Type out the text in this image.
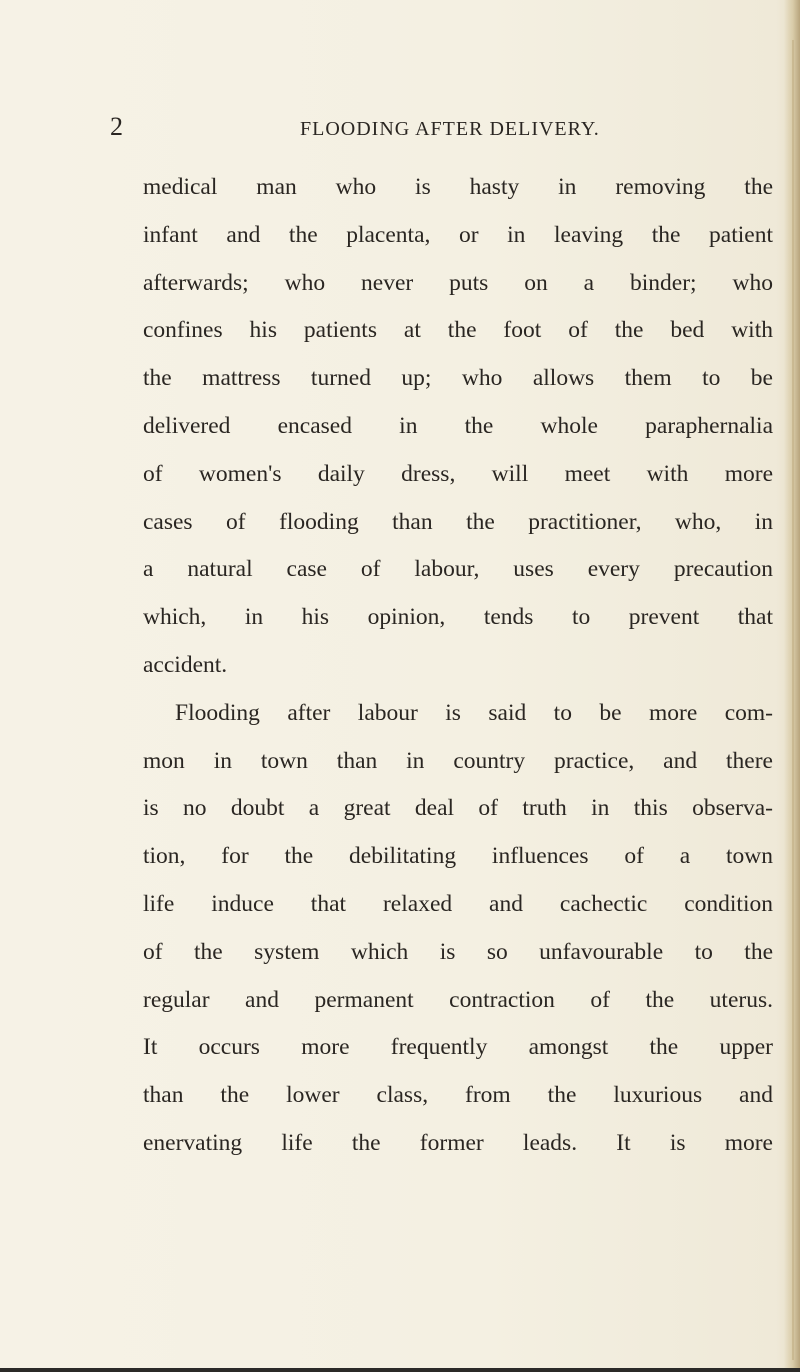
2	FLOODING AFTER DELIVERY.
medical man who is hasty in removing the
infant and the placenta, or in leaving the patient
afterwards; who never puts on a binder; who
confines his patients at the foot of the bed with
the mattress turned up; who allows them to be
delivered encased in the whole paraphernalia
of women's daily dress, will meet with more
cases of flooding than the practitioner, who, in
a natural case of labour, uses every precaution
which, in his opinion, tends to prevent that
accident.
Flooding after labour is said to be more com-
mon in town than in country practice, and there
is no doubt a great deal of truth in this observa-
tion, for the debilitating influences of a town
life induce that relaxed and cachectic condition
of the system which is so unfavourable to the
regular and permanent contraction of the uterus.
It occurs more frequently amongst the upper
than the lower class, from the luxurious and
enervating life the former leads. It is more
